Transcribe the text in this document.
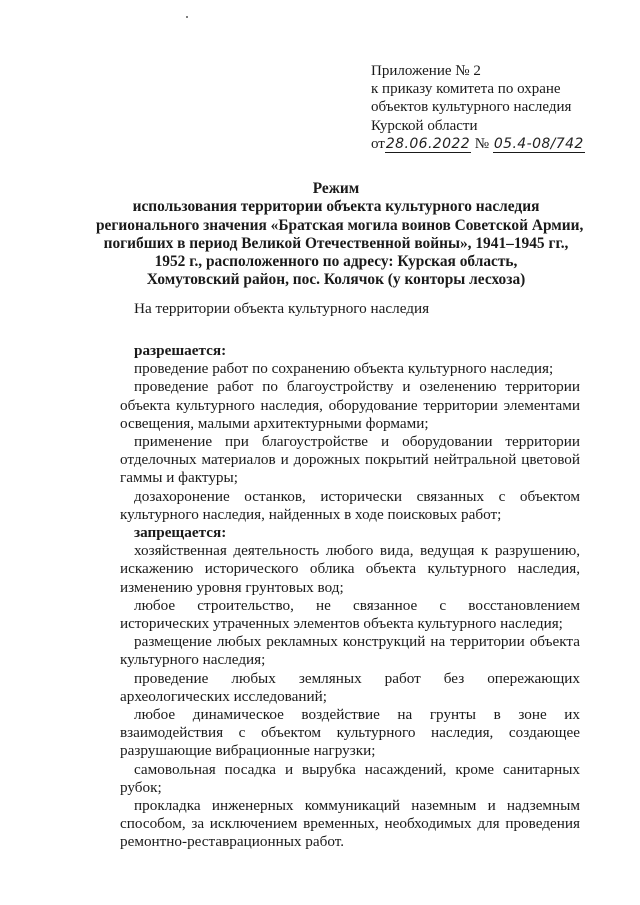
Приложение № 2
к приказу комитета по охране
объектов культурного наследия
Курской области
от28.06.2022 № 05.4-08/742
Режим
использования территории объекта культурного наследия
регионального значения «Братская могила воинов Советской Армии,
погибших в период Великой Отечественной войны», 1941–1945 гг.,
1952 г., расположенного по адресу: Курская область,
Хомутовский район, пос. Колячок (у конторы лесхоза)

На территории объекта культурного наследия

разрешается:

проведение работ по сохранению объекта культурного наследия;

проведение работ по благоустройству и озеленению территории объекта культурного наследия, оборудование территории элементами освещения, малыми архитектурными формами;

применение при благоустройстве и оборудовании территории отделочных материалов и дорожных покрытий нейтральной цветовой гаммы и фактуры;

дозахоронение останков, исторически связанных с объектом культурного наследия, найденных в ходе поисковых работ;

запрещается:

хозяйственная деятельность любого вида, ведущая к разрушению, искажению исторического облика объекта культурного наследия, изменению уровня грунтовых вод;

любое строительство, не связанное с восстановлением исторических утраченных элементов объекта культурного наследия;

размещение любых рекламных конструкций на территории объекта культурного наследия;

проведение любых земляных работ без опережающих археологических исследований;

любое динамическое воздействие на грунты в зоне их взаимодействия с объектом культурного наследия, создающее разрушающие вибрационные нагрузки;

самовольная посадка и вырубка насаждений, кроме санитарных рубок;

прокладка инженерных коммуникаций наземным и надземным способом, за исключением временных, необходимых для проведения ремонтно-реставрационных работ.
